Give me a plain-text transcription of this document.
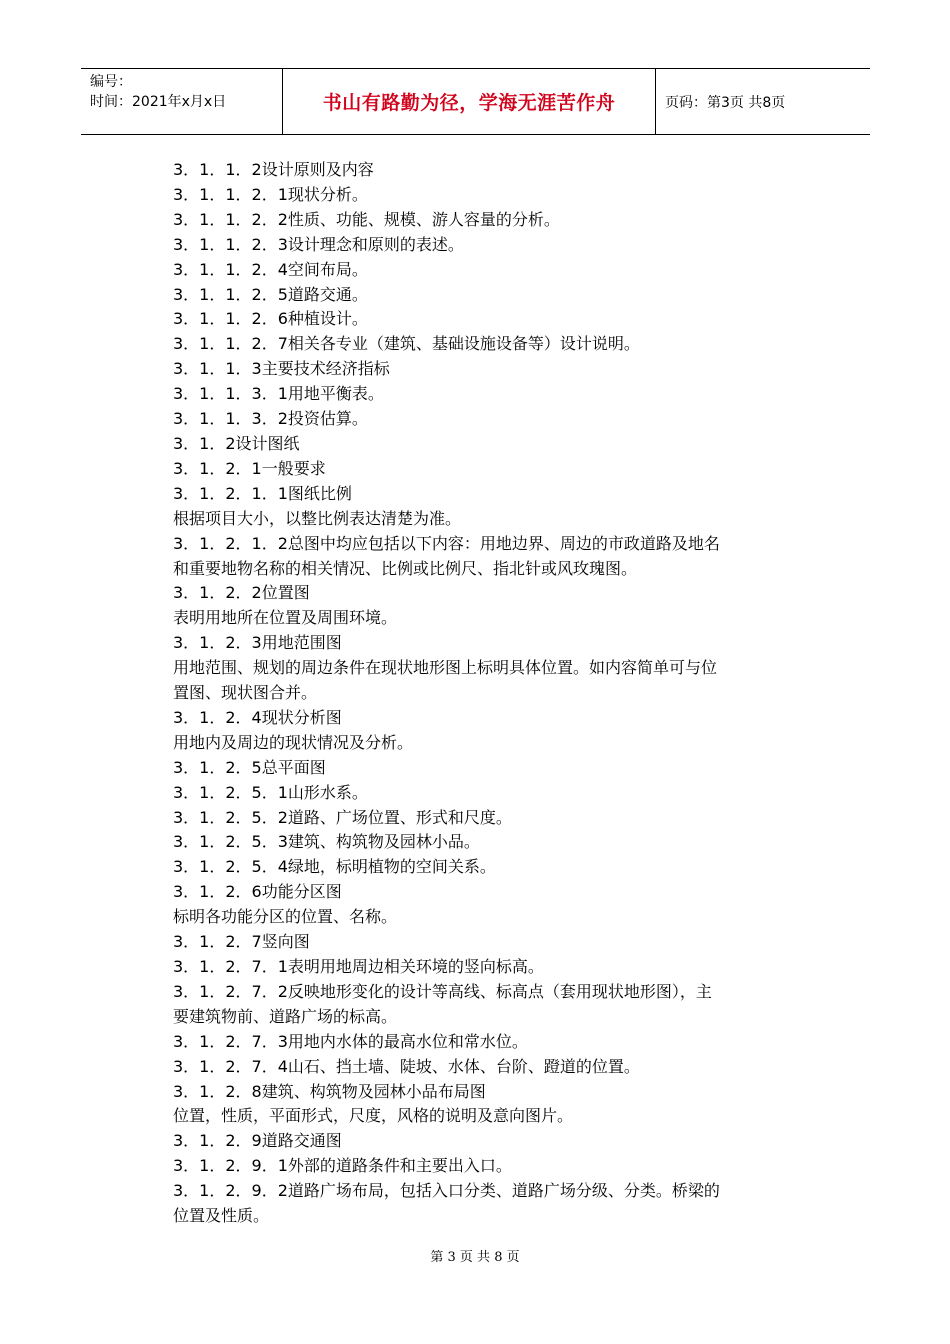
编号：
时间：2021年x月x日	书山有路勤为径，学海无涯苦作舟	页码：第3页 共8页
3．1．1．2设计原则及内容
3．1．1．2．1现状分析。
3．1．1．2．2性质、功能、规模、游人容量的分析。
3．1．1．2．3设计理念和原则的表述。
3．1．1．2．4空间布局。
3．1．1．2．5道路交通。
3．1．1．2．6种植设计。
3．1．1．2．7相关各专业（建筑、基础设施设备等）设计说明。
3．1．1．3主要技术经济指标
3．1．1．3．1用地平衡表。
3．1．1．3．2投资估算。
3．1．2设计图纸
3．1．2．1一般要求
3．1．2．1．1图纸比例
根据项目大小，以整比例表达清楚为准。
3．1．2．1．2总图中均应包括以下内容：用地边界、周边的市政道路及地名
和重要地物名称的相关情况、比例或比例尺、指北针或风玫瑰图。
3．1．2．2位置图
表明用地所在位置及周围环境。
3．1．2．3用地范围图
用地范围、规划的周边条件在现状地形图上标明具体位置。如内容简单可与位
置图、现状图合并。
3．1．2．4现状分析图
用地内及周边的现状情况及分析。
3．1．2．5总平面图
3．1．2．5．1山形水系。
3．1．2．5．2道路、广场位置、形式和尺度。
3．1．2．5．3建筑、构筑物及园林小品。
3．1．2．5．4绿地，标明植物的空间关系。
3．1．2．6功能分区图
标明各功能分区的位置、名称。
3．1．2．7竖向图
3．1．2．7．1表明用地周边相关环境的竖向标高。
3．1．2．7．2反映地形变化的设计等高线、标高点（套用现状地形图），主
要建筑物前、道路广场的标高。
3．1．2．7．3用地内水体的最高水位和常水位。
3．1．2．7．4山石、挡土墙、陡坡、水体、台阶、蹬道的位置。
3．1．2．8建筑、构筑物及园林小品布局图
位置，性质，平面形式，尺度，风格的说明及意向图片。
3．1．2．9道路交通图
3．1．2．9．1外部的道路条件和主要出入口。
3．1．2．9．2道路广场布局，包括入口分类、道路广场分级、分类。桥梁的
位置及性质。
第 3 页 共 8 页
